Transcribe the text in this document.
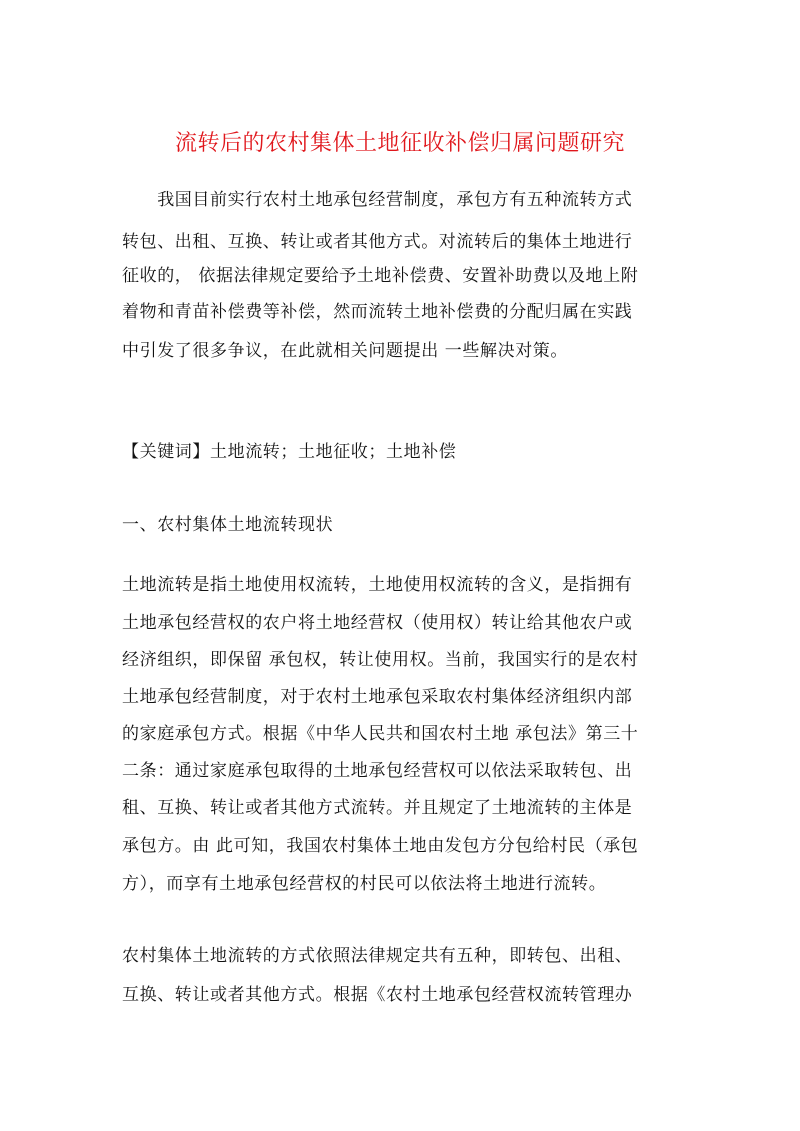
流转后的农村集体土地征收补偿归属问题研究
　　我国目前实行农村土地承包经营制度，承包方有五种流转方式
转包、出租、互换、转让或者其他方式。对流转后的集体土地进行
征收的， 依据法律规定要给予土地补偿费、安置补助费以及地上附
着物和青苗补偿费等补偿，然而流转土地补偿费的分配归属在实践
中引发了很多争议，在此就相关问题提出 一些解决对策。
【关键词】土地流转；土地征收；土地补偿
一、农村集体土地流转现状
土地流转是指土地使用权流转，土地使用权流转的含义，是指拥有
土地承包经营权的农户将土地经营权（使用权）转让给其他农户或
经济组织，即保留 承包权，转让使用权。当前，我国实行的是农村
土地承包经营制度，对于农村土地承包采取农村集体经济组织内部
的家庭承包方式。根据《中华人民共和国农村土地 承包法》第三十
二条：通过家庭承包取得的土地承包经营权可以依法采取转包、出
租、互换、转让或者其他方式流转。并且规定了土地流转的主体是
承包方。由 此可知，我国农村集体土地由发包方分包给村民（承包
方），而享有土地承包经营权的村民可以依法将土地进行流转。
农村集体土地流转的方式依照法律规定共有五种，即转包、出租、
互换、转让或者其他方式。根据《农村土地承包经营权流转管理办
